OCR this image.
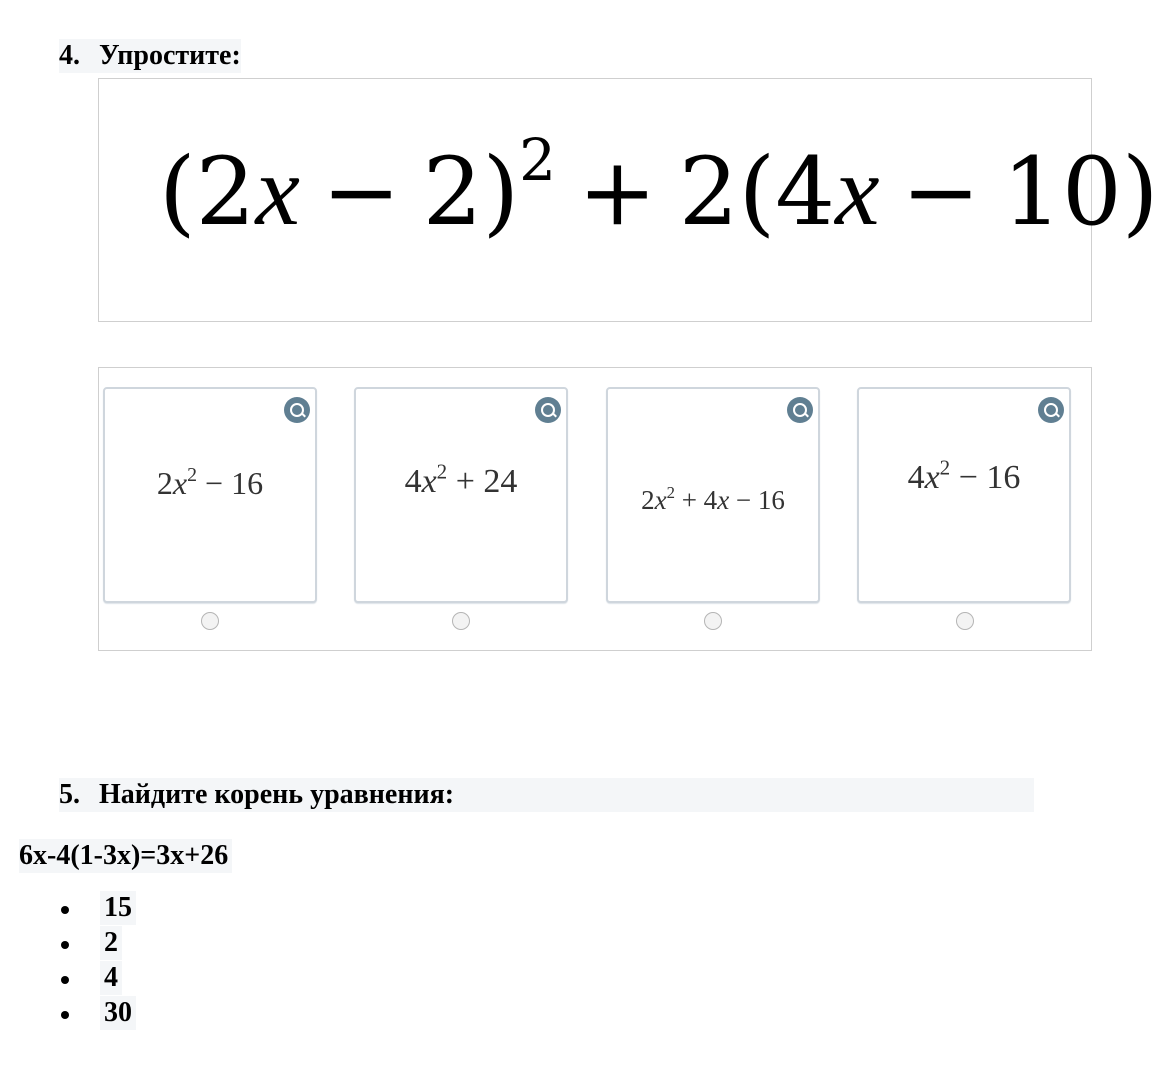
4. Упростите:
$(2x - 2)^2 + 2(4x - 10)$
$2x^2 - 16$	$4x^2 + 24$	$2x^2 + 4x - 16$
$4x^2 - 16$
5. Найдите корень уравнения:
6x-4(1-3x)=3x+26
15
2
4
30
